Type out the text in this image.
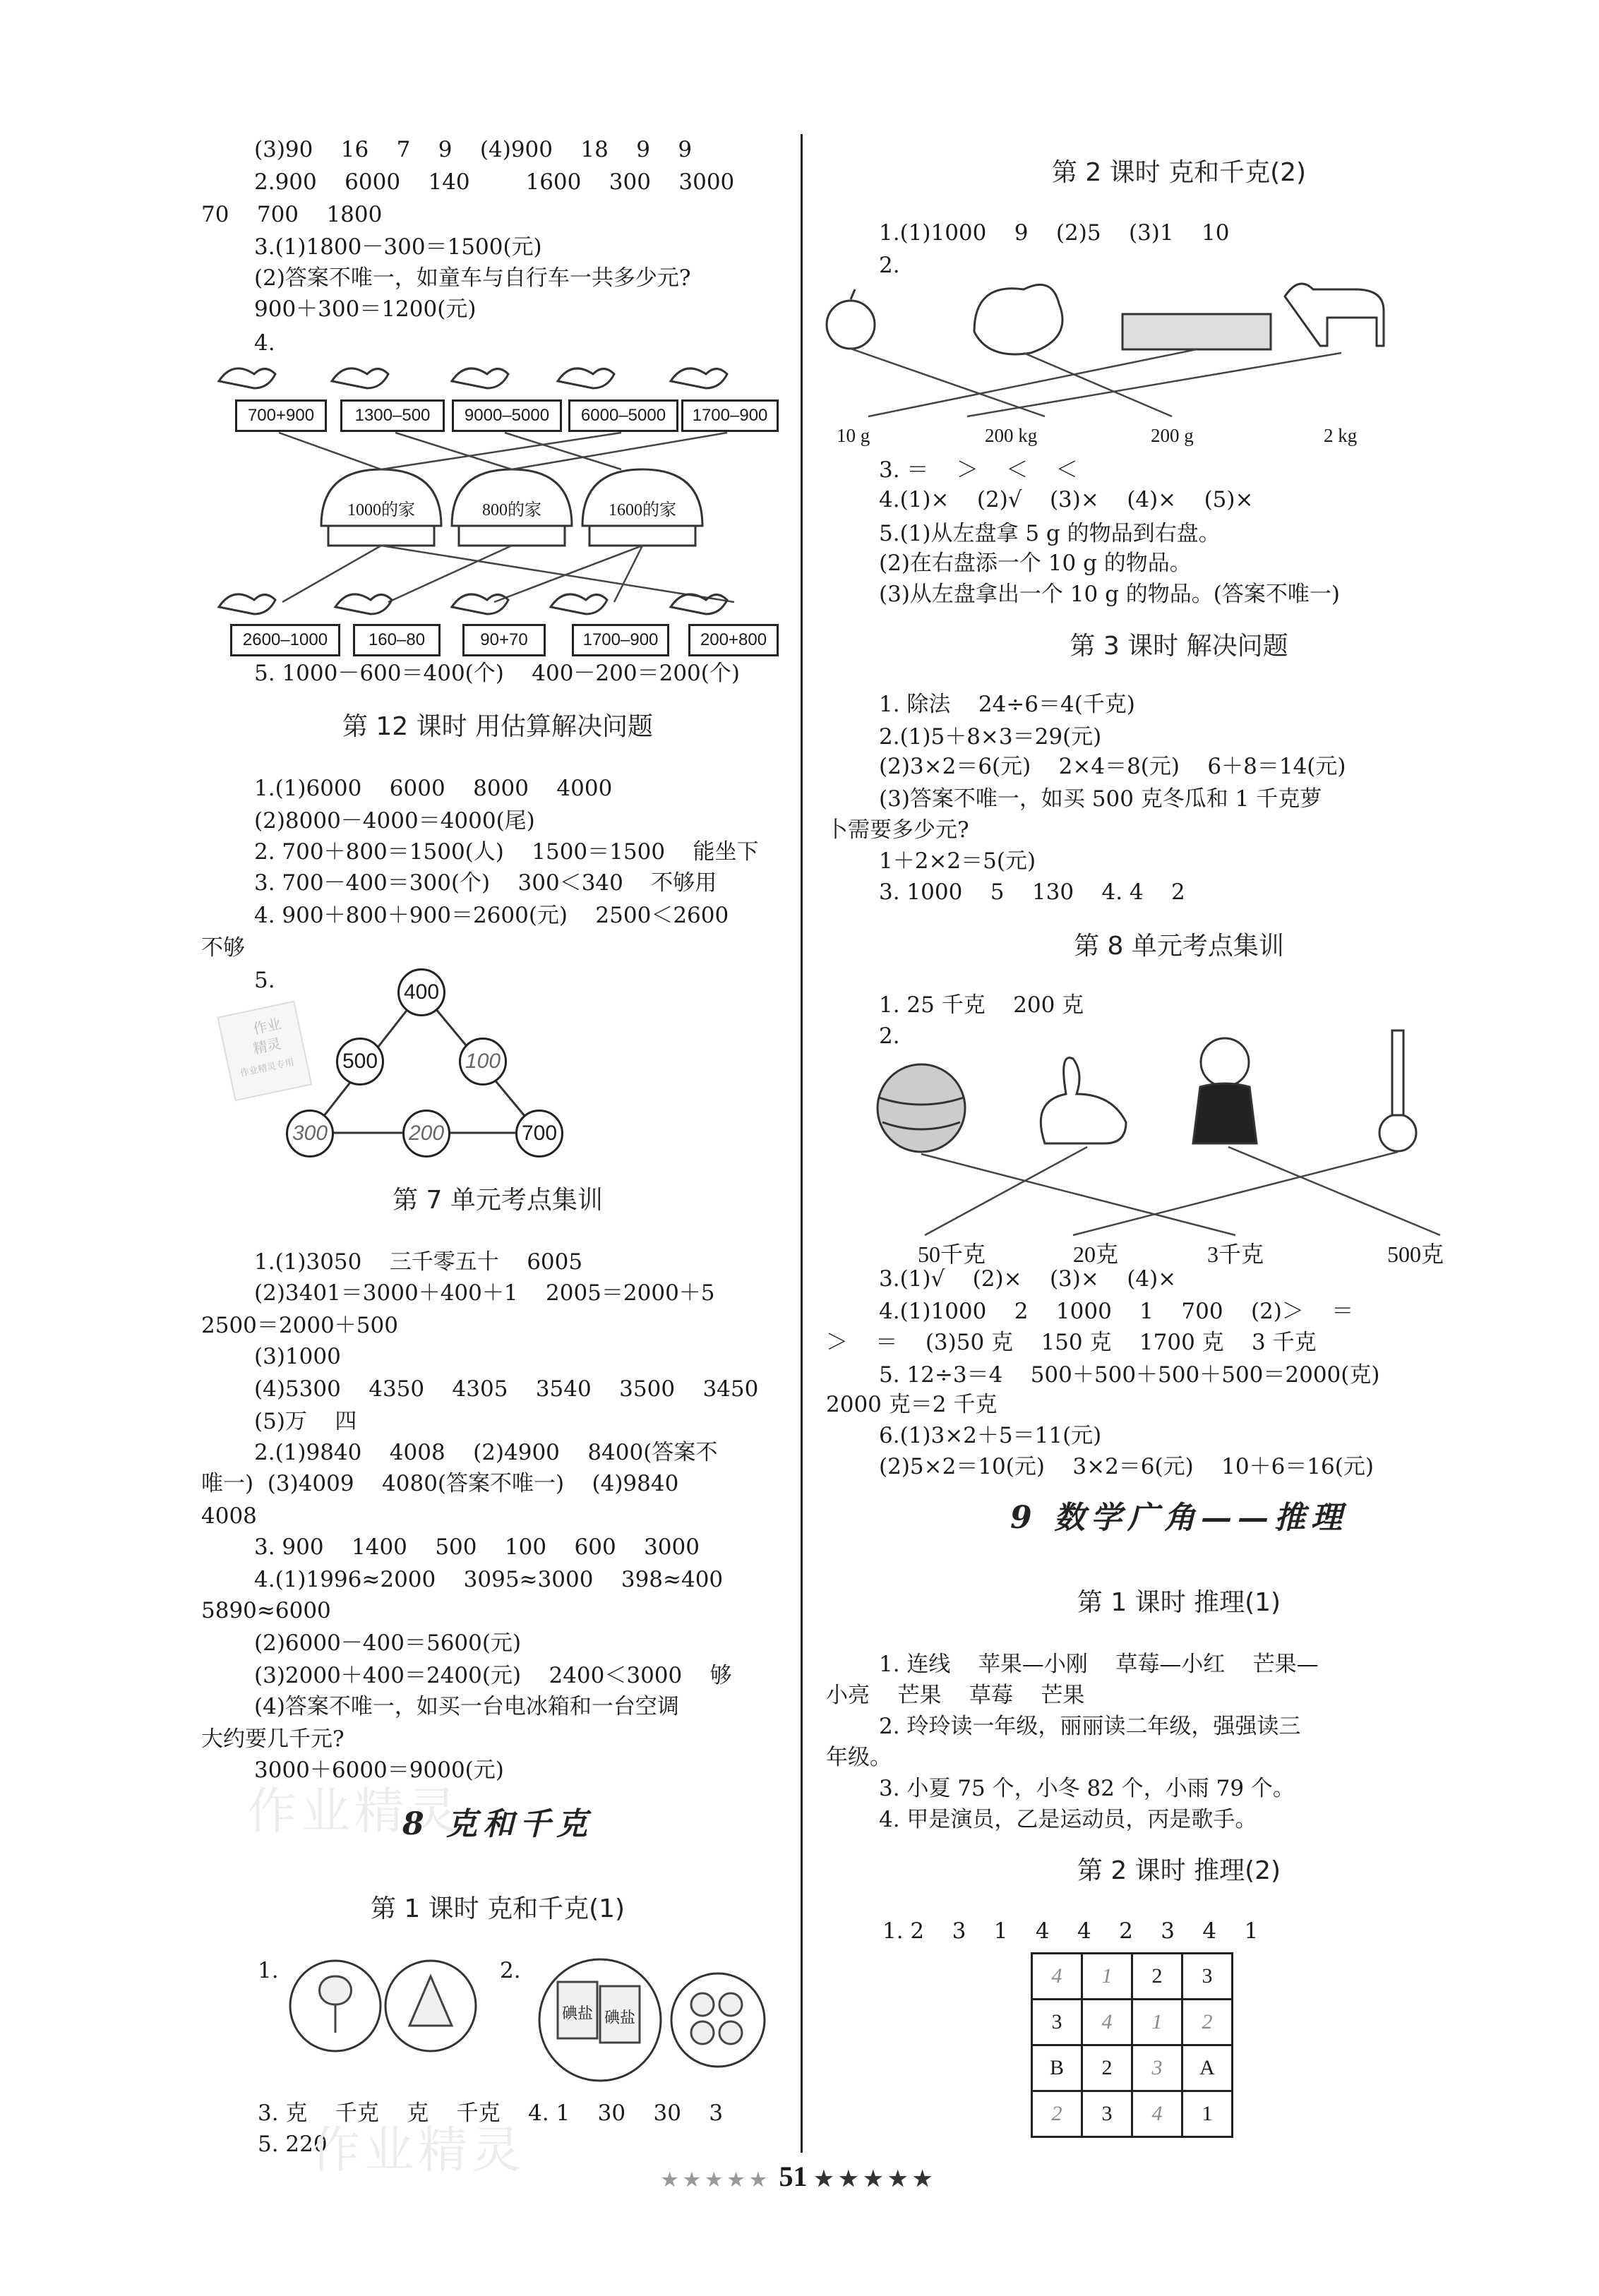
(3)90    16    7    9    (4)900    18    9    9
2.900    6000    140        1600    300    3000
70    700    1800
3.(1)1800－300＝1500(元)
(2)答案不唯一，如童车与自行车一共多少元?
900＋300＝1200(元)
4.
700+900	1300–500	9000–5000	6000–5000	1700–900
1000的家	800的家	1600的家
2600–1000	160–80	90+70	1700–900	200+800
5. 1000－600＝400(个)    400－200＝200(个)
第 12 课时 用估算解决问题
1.(1)6000    6000    8000    4000
(2)8000－4000＝4000(尾)
2. 700＋800＝1500(人)    1500＝1500    能坐下
3. 700－400＝300(个)    300＜340    不够用
4. 900＋800＋900＝2600(元)    2500＜2600
不够
5.
作业
精灵
作业精灵专用
400
500	100
300	200	700
第 7 单元考点集训
1.(1)3050    三千零五十    6005
(2)3401＝3000＋400＋1    2005＝2000＋5
2500＝2000＋500
(3)1000
(4)5300    4350    4305    3540    3500    3450
(5)万    四
2.(1)9840    4008    (2)4900    8400(答案不
唯一)  (3)4009    4080(答案不唯一)    (4)9840
4008
3. 900    1400    500    100    600    3000
4.(1)1996≈2000    3095≈3000    398≈400
5890≈6000
(2)6000－400＝5600(元)
(3)2000＋400＝2400(元)    2400＜3000    够
(4)答案不唯一，如买一台电冰箱和一台空调
大约要几千元?
3000＋6000＝9000(元)
作业精灵
8 克和千克
第 1 课时 克和千克(1)
1.	2.
碘盐 碘盐
3. 克    千克    克    千克    4. 1    30    30    3
5. 220
作业精灵
第 2 课时 克和千克(2)
1.(1)1000    9    (2)5    (3)1    10
2.
10 g	200 kg	200 g	2 kg
3. ＝    ＞    ＜    ＜
4.(1)×    (2)√    (3)×    (4)×    (5)×
5.(1)从左盘拿 5 g 的物品到右盘。
(2)在右盘添一个 10 g 的物品。
(3)从左盘拿出一个 10 g 的物品。(答案不唯一)
第 3 课时 解决问题
1. 除法    24÷6＝4(千克)
2.(1)5＋8×3＝29(元)
(2)3×2＝6(元)    2×4＝8(元)    6＋8＝14(元)
(3)答案不唯一，如买 500 克冬瓜和 1 千克萝
卜需要多少元?
1＋2×2＝5(元)
3. 1000    5    130    4. 4    2
第 8 单元考点集训
1. 25 千克    200 克
2.
50千克	20克	3千克	500克
3.(1)√    (2)×    (3)×    (4)×
4.(1)1000    2    1000    1    700    (2)＞    ＝
＞    ＝    (3)50 克    150 克    1700 克    3 千克
5. 12÷3＝4    500＋500＋500＋500＝2000(克)
2000 克＝2 千克
6.(1)3×2＋5＝11(元)
(2)5×2＝10(元)    3×2＝6(元)    10＋6＝16(元)
9 数学广角——推理
第 1 课时 推理(1)
1. 连线    苹果—小刚    草莓—小红    芒果—
小亮    芒果    草莓    芒果
2. 玲玲读一年级，丽丽读二年级，强强读三
年级。
3. 小夏 75 个，小冬 82 个，小雨 79 个。
4. 甲是演员，乙是运动员，丙是歌手。
第 2 课时 推理(2)
1. 2    3    1    4    4    2    3    4    1
4	1	2	3
3	4	1	2
B	2	3	A
2	3	4	1
★★★★★ 51 ★★★★★
